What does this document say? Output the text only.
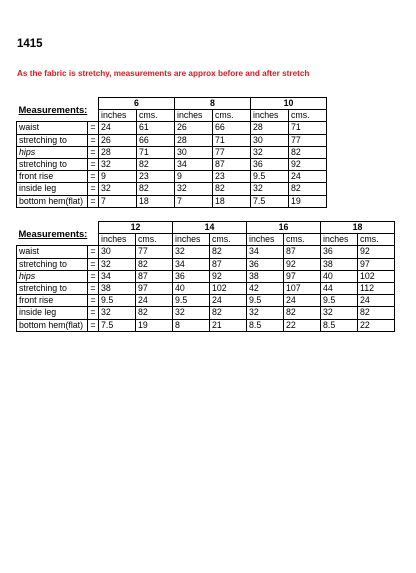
1415
As the fabric is stretchy, measurements are approx before and after stretch
Measurements:		6		8		10	
		inches	cms.	inches	cms.	inches	cms.
waist	=	24	61	26	66	28	71
stretching to	=	26	66	28	71	30	77
hips	=	28	71	30	77	32	82
stretching to	=	32	82	34	87	36	92
front rise	=	9	23	9	23	9.5	24
inside leg	=	32	82	32	82	32	82
bottom hem(flat)	=	7	18	7	18	7.5	19
Measurements:		12		14		16		18	
		inches	cms.	inches	cms.	inches	cms.	inches	cms.
waist	=	30	77	32	82	34	87	36	92
stretching to	=	32	82	34	87	36	92	38	97
hips	=	34	87	36	92	38	97	40	102
stretching to	=	38	97	40	102	42	107	44	112
front rise	=	9.5	24	9.5	24	9.5	24	9.5	24
inside leg	=	32	82	32	82	32	82	32	82
bottom hem(flat)	=	7.5	19	8	21	8.5	22	8.5	22
